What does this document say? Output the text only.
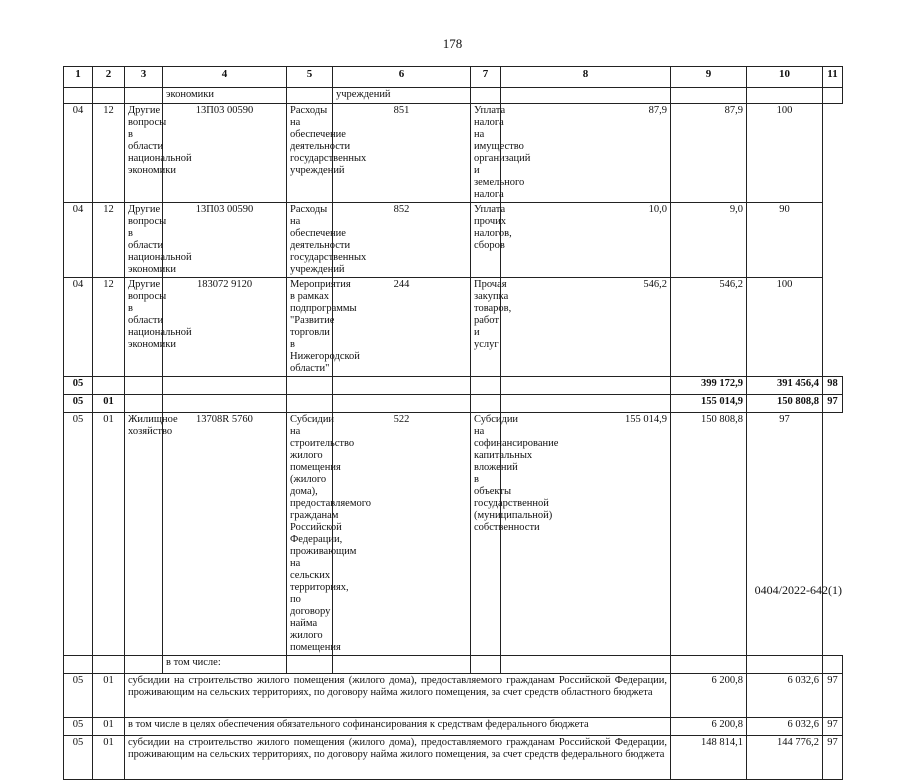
178
1	2	3	4	5	6	7	8	9	10	11
			экономики		учреждений					
04	12	Другие вопросы в области национальной экономики	13П03 00590	Расходы на обеспечение деятельности государственных учреждений	851	Уплата налога на имущество организаций и земельного налога	87,9	87,9	100	
04	12	Другие вопросы в области национальной экономики	13П03 00590	Расходы на обеспечение деятельности государственных учреждений	852	Уплата прочих налогов, сборов	10,0	9,0	90	
04	12	Другие вопросы в области национальной экономики	183072 9120	Мероприятия в рамках подпрограммы "Развитие торговли в Нижегородской области"	244	Прочая закупка товаров, работ и услуг	546,2	546,2	100	
05								399 172,9	391 456,4	98
05	01							155 014,9	150 808,8	97
05	01	Жилищное хозяйство	13708R 5760	Субсидии на строительство жилого помещения (жилого дома), предоставляемого гражданам Российской Федерации, проживающим на сельских территориях, по договору найма жилого помещения	522	Субсидии на софинансирование капитальных вложений в объекты государственной (муниципальной) собственности	155 014,9	150 808,8	97	
			в том числе:							
05	01	субсидии на строительство жилого помещения (жилого дома), предоставляемого гражданам Российской Федерации, проживающим на сельских территориях, по договору найма жилого помещения, за счет средств областного бюджета						6 200,8	6 032,6	97
05	01	в том числе в целях обеспечения обязательного софинансирования к средствам федерального бюджета						6 200,8	6 032,6	97
05	01	субсидии на строительство жилого помещения (жилого дома), предоставляемого гражданам Российской Федерации, проживающим на сельских территориях, по договору найма жилого помещения, за счет средств федерального бюджета						148 814,1	144 776,2	97
0404/2022-642(1)
